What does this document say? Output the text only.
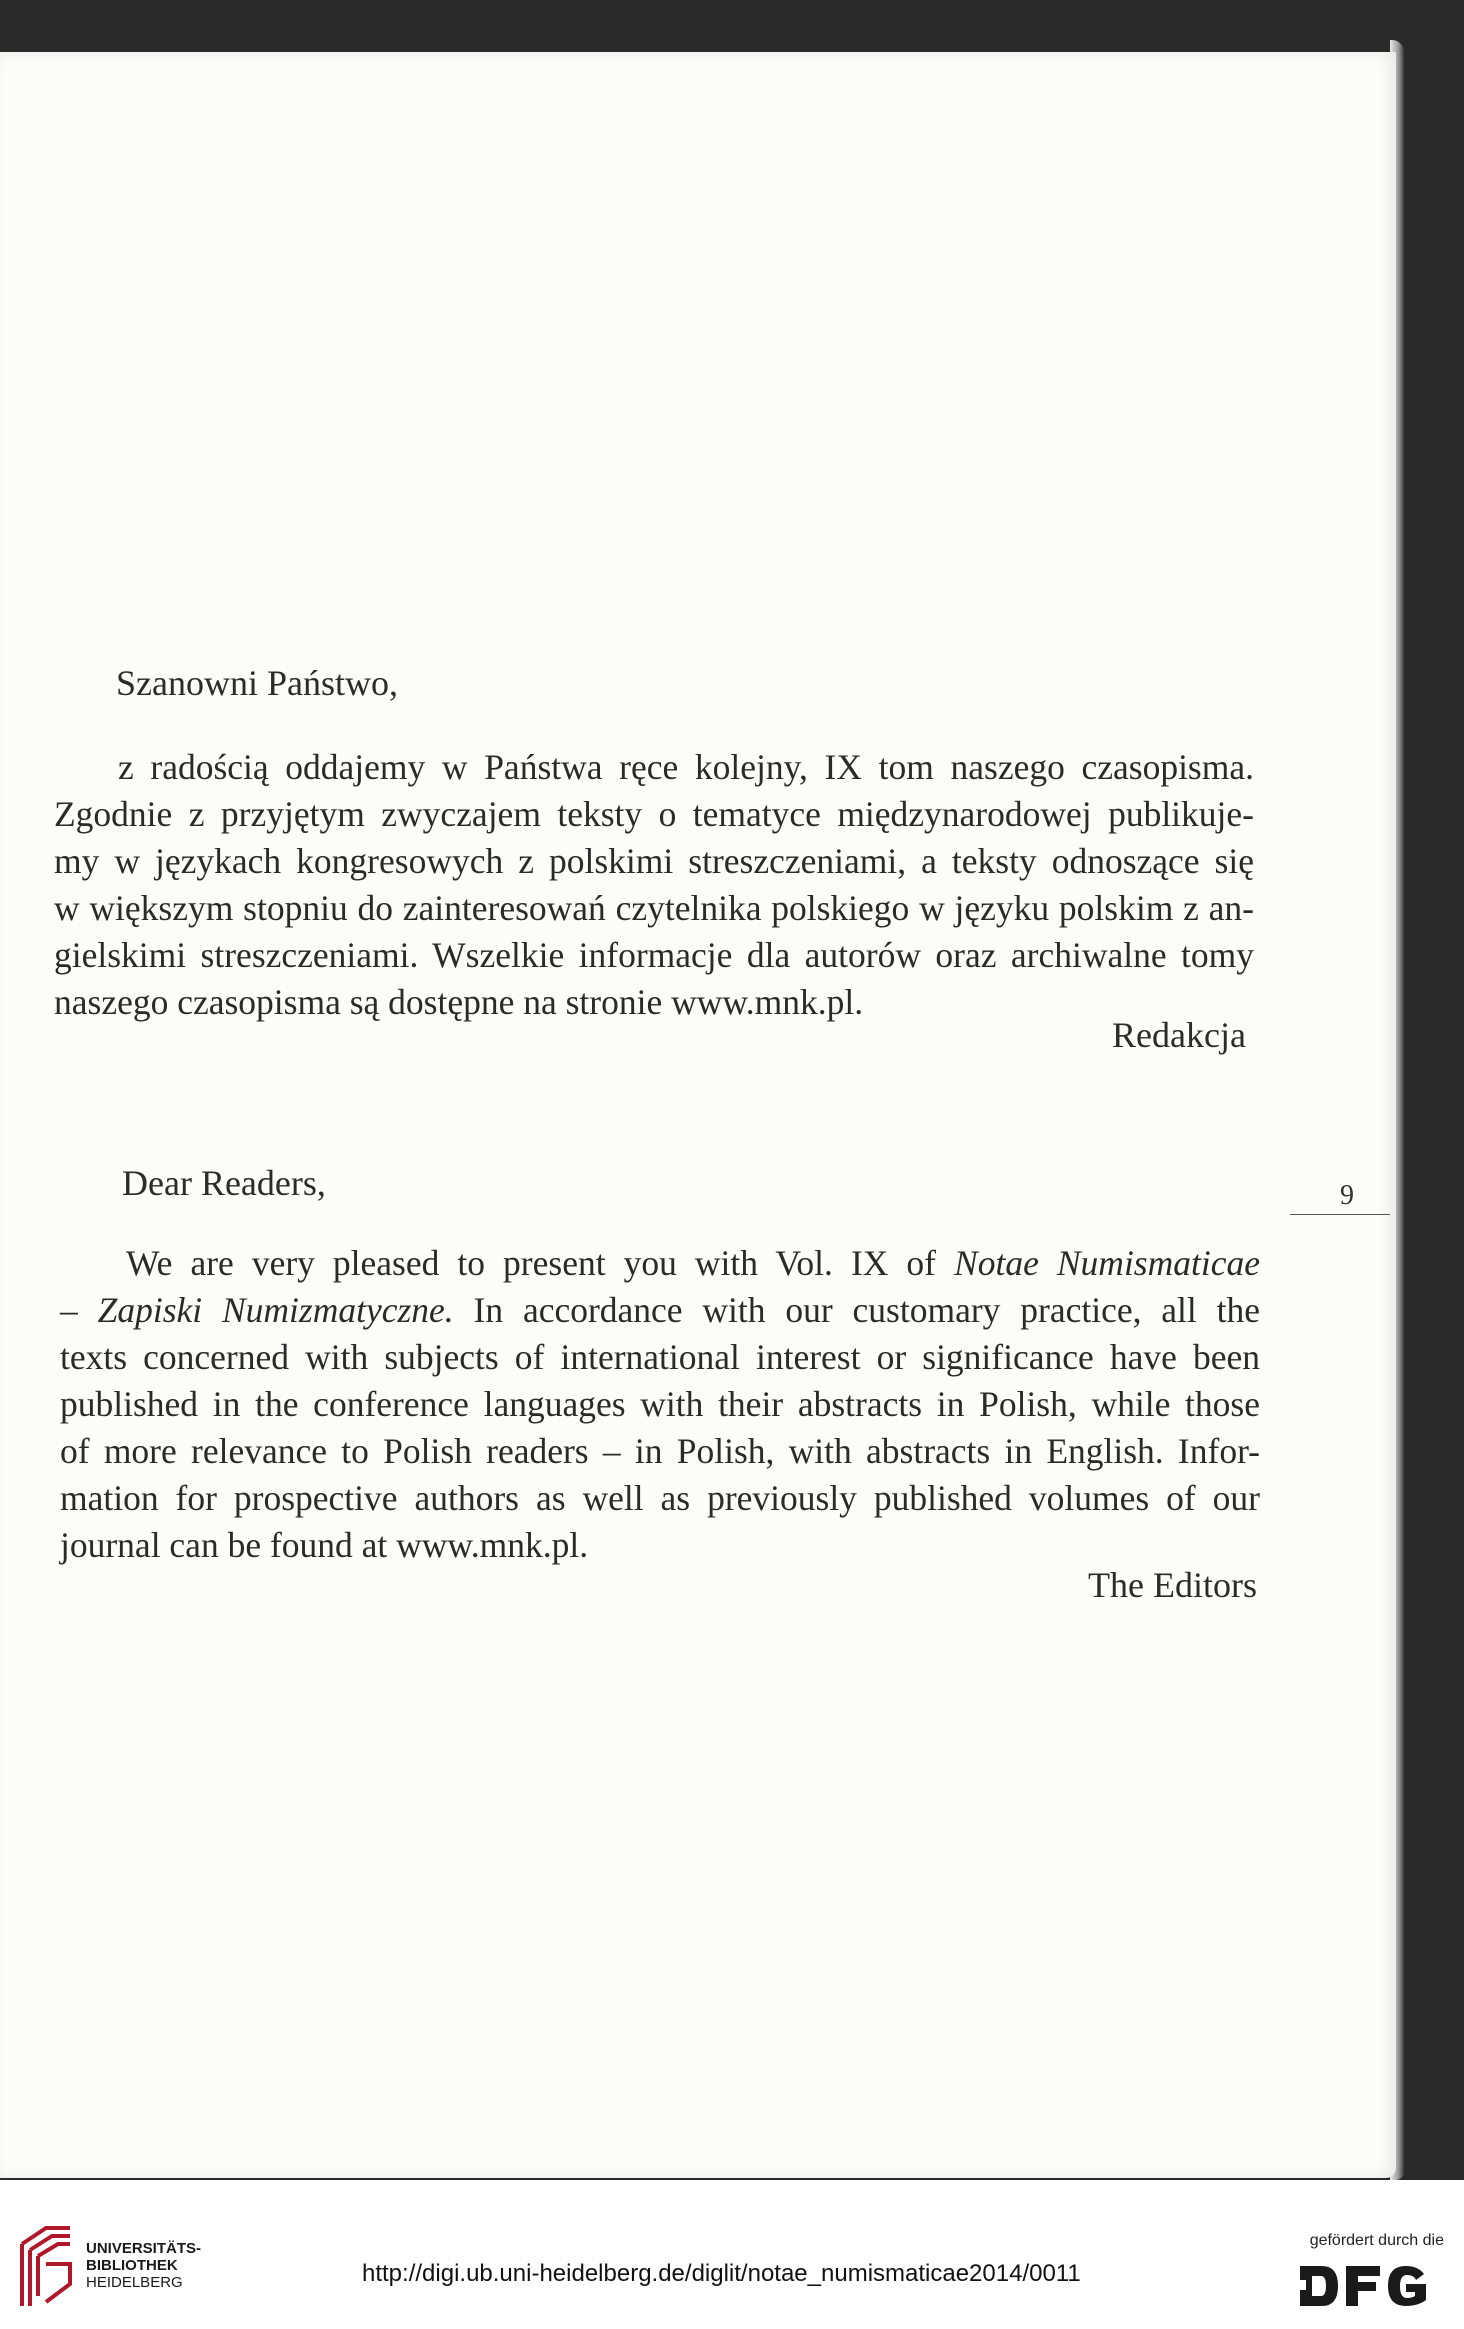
Szanowni Państwo,
z radością oddajemy w Państwa ręce kolejny, IX tom naszego czasopisma.
Zgodnie z przyjętym zwyczajem teksty o tematyce międzynarodowej publikuje-
my w językach kongresowych z polskimi streszczeniami, a teksty odnoszące się
w większym stopniu do zainteresowań czytelnika polskiego w języku polskim z an-
gielskimi streszczeniami. Wszelkie informacje dla autorów oraz archiwalne tomy
naszego czasopisma są dostępne na stronie www.mnk.pl.
Redakcja
9
Dear Readers,
We are very pleased to present you with Vol. IX of Notae Numismaticae
– Zapiski Numizmatyczne. In accordance with our customary practice, all the
texts concerned with subjects of international interest or significance have been
published in the conference languages with their abstracts in Polish, while those
of more relevance to Polish readers – in Polish, with abstracts in English. Infor-
mation for prospective authors as well as previously published volumes of our
journal can be found at www.mnk.pl.
The Editors
UNIVERSITÄTS-
BIBLIOTHEK
HEIDELBERG	http://digi.ub.uni-heidelberg.de/diglit/notae_numismaticae2014/0011
gefördert durch die
